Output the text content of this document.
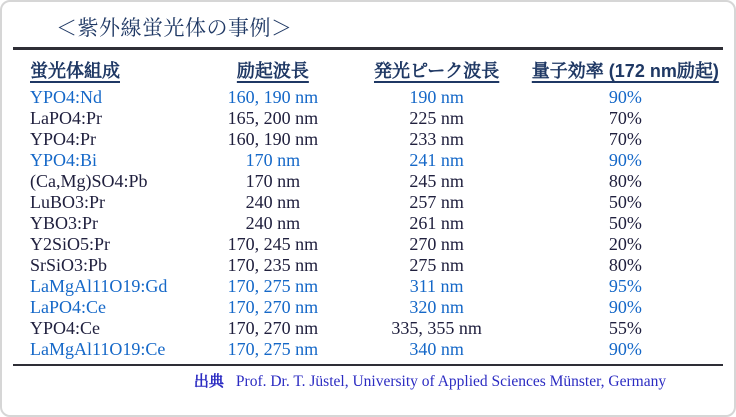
＜紫外線蛍光体の事例＞
蛍光体組成	励起波長	発光ピーク波長	量子効率 (172 nm励起)
YPO4:Nd	160, 190 nm	190 nm	90%
LaPO4:Pr	165, 200 nm	225 nm	70%
YPO4:Pr	160, 190 nm	233 nm	70%
YPO4:Bi	170 nm	241 nm	90%
(Ca,Mg)SO4:Pb	170 nm	245 nm	80%
LuBO3:Pr	240 nm	257 nm	50%
YBO3:Pr	240 nm	261 nm	50%
Y2SiO5:Pr	170, 245 nm	270 nm	20%
SrSiO3:Pb	170, 235 nm	275 nm	80%
LaMgAl11O19:Gd	170, 275 nm	311 nm	95%
LaPO4:Ce	170, 270 nm	320 nm	90%
YPO4:Ce	170, 270 nm	335, 355 nm	55%
LaMgAl11O19:Ce	170, 275 nm	340 nm	90%
出典 Prof. Dr. T. Jüstel, University of Applied Sciences Münster, Germany
